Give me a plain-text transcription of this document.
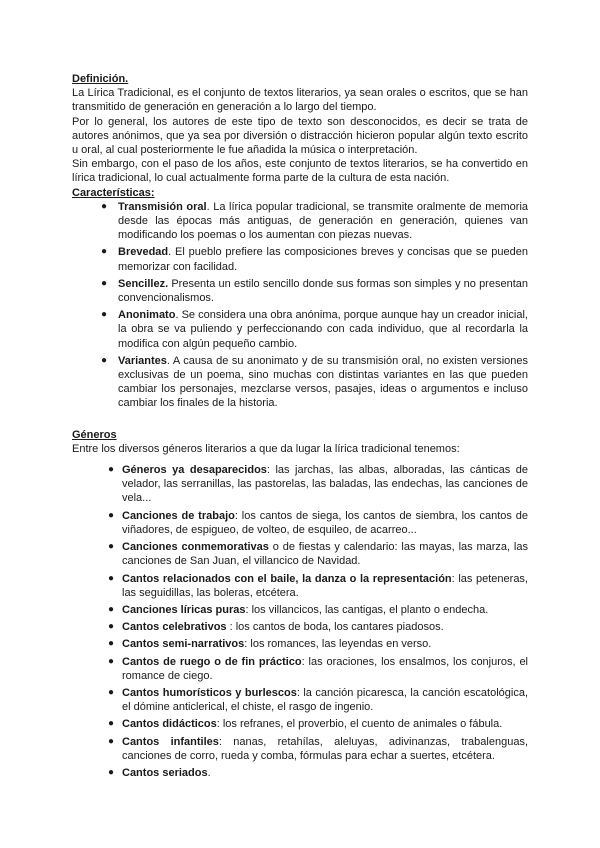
Definición.

La Lírica Tradicional, es el conjunto de textos literarios, ya sean orales o escritos, que se han transmitido de generación en generación a lo largo del tiempo.

Por lo general, los autores de este tipo de texto son desconocidos, es decir se trata de autores anónimos, que ya sea por diversión o distracción hicieron popular algún texto escrito u oral, al cual posteriormente le fue añadida la música o interpretación.

Sin embargo, con el paso de los años, este conjunto de textos literarios, se ha convertido en lírica tradicional, lo cual actualmente forma parte de la cultura de esta nación.

Características:
● Transmisión oral. La lírica popular tradicional, se transmite oralmente de memoria desde las épocas más antiguas, de generación en generación, quienes van modificando los poemas o los aumentan con piezas nuevas.
● Brevedad. El pueblo prefiere las composiciones breves y concisas que se pueden memorizar con facilidad.
● Sencillez. Presenta un estilo sencillo donde sus formas son simples y no presentan convencionalismos.
● Anonimato. Se considera una obra anónima, porque aunque hay un creador inicial, la obra se va puliendo y perfeccionando con cada individuo, que al recordarla la modifica con algún pequeño cambio.
● Variantes. A causa de su anonimato y de su transmisión oral, no existen versiones exclusivas de un poema, sino muchas con distintas variantes en las que pueden cambiar los personajes, mezclarse versos, pasajes, ideas o argumentos e incluso cambiar los finales de la historia.
Géneros

Entre los diversos géneros literarios a que da lugar la lírica tradicional tenemos:

● Géneros ya desaparecidos: las jarchas, las albas, alboradas, las cánticas de velador, las serranillas, las pastorelas, las baladas, las endechas, las canciones de vela...
● Canciones de trabajo: los cantos de siega, los cantos de siembra, los cantos de viñadores, de espigueo, de volteo, de esquileo, de acarreo...
● Canciones conmemorativas o de fiestas y calendario: las mayas, las marza, las canciones de San Juan, el villancico de Navidad.
● Cantos relacionados con el baile, la danza o la representación: las peteneras, las seguidillas, las boleras, etcétera.
● Canciones líricas puras: los villancicos, las cantigas, el planto o endecha.
● Cantos celebrativos : los cantos de boda, los cantares piadosos.
● Cantos semi-narrativos: los romances, las leyendas en verso.
● Cantos de ruego o de fin práctico: las oraciones, los ensalmos, los conjuros, el romance de ciego.
● Cantos humorísticos y burlescos: la canción picaresca, la canción escatológica, el dómine anticlerical, el chiste, el rasgo de ingenio.
● Cantos didácticos: los refranes, el proverbio, el cuento de animales o fábula.
● Cantos infantiles: nanas, retahílas, aleluyas, adivinanzas, trabalenguas, canciones de corro, rueda y comba, fórmulas para echar a suertes, etcétera.
● Cantos seriados.
